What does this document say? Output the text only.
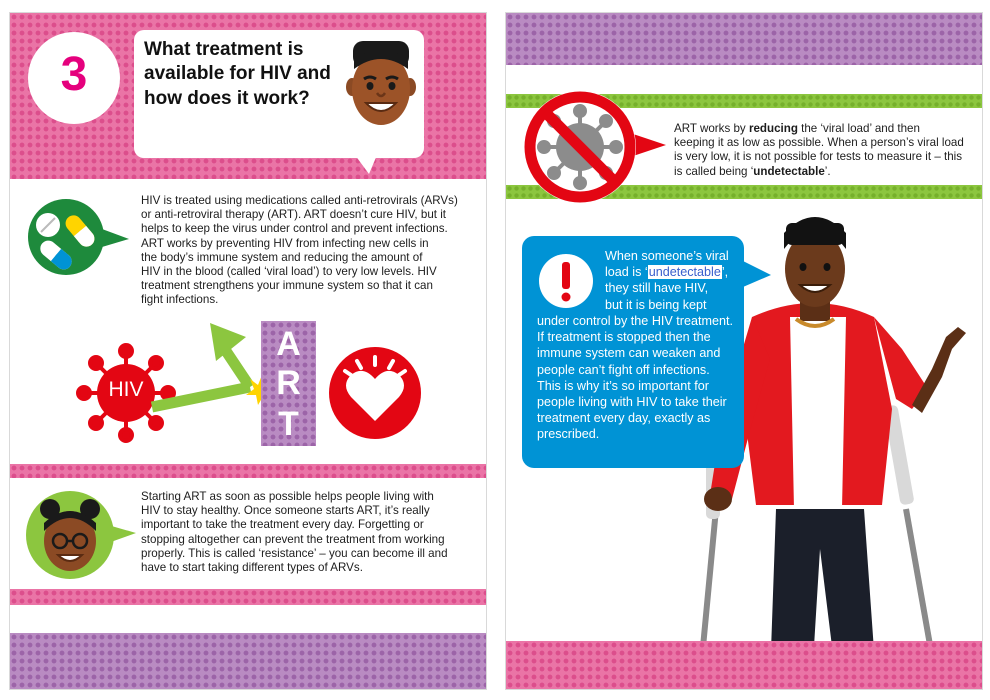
3	What treatment is
available for HIV and
how does it work?
HIV is treated using medications called anti-retrovirals (ARVs)
or anti-retroviral therapy (ART). ART doesn’t cure HIV, but it
helps to keep the virus under control and prevent infections.
ART works by preventing HIV from infecting new cells in
the body’s immune system and reducing the amount of
HIV in the blood (called ‘viral load’) to very low levels. HIV
treatment strengthens your immune system so that it can
fight infections.
HIV
A
R
T
Starting ART as soon as possible helps people living with
HIV to stay healthy. Once someone starts ART, it’s really
important to take the treatment every day. Forgetting or
stopping altogether can prevent the treatment from working
properly. This is called ‘resistance’ – you can become ill and
have to start taking different types of ARVs.
ART works by reducing the ‘viral load’ and then
keeping it as low as possible. When a person’s viral load
is very low, it is not possible for tests to measure it – this
is called being ‘undetectable’.
When someone’s viral
load is ‘undetectable’,
they still have HIV,
but it is being kept
under control by the HIV treatment.
If treatment is stopped then the
immune system can weaken and
people can’t fight off infections.
This is why it’s so important for
people living with HIV to take their
treatment every day, exactly as
prescribed.
